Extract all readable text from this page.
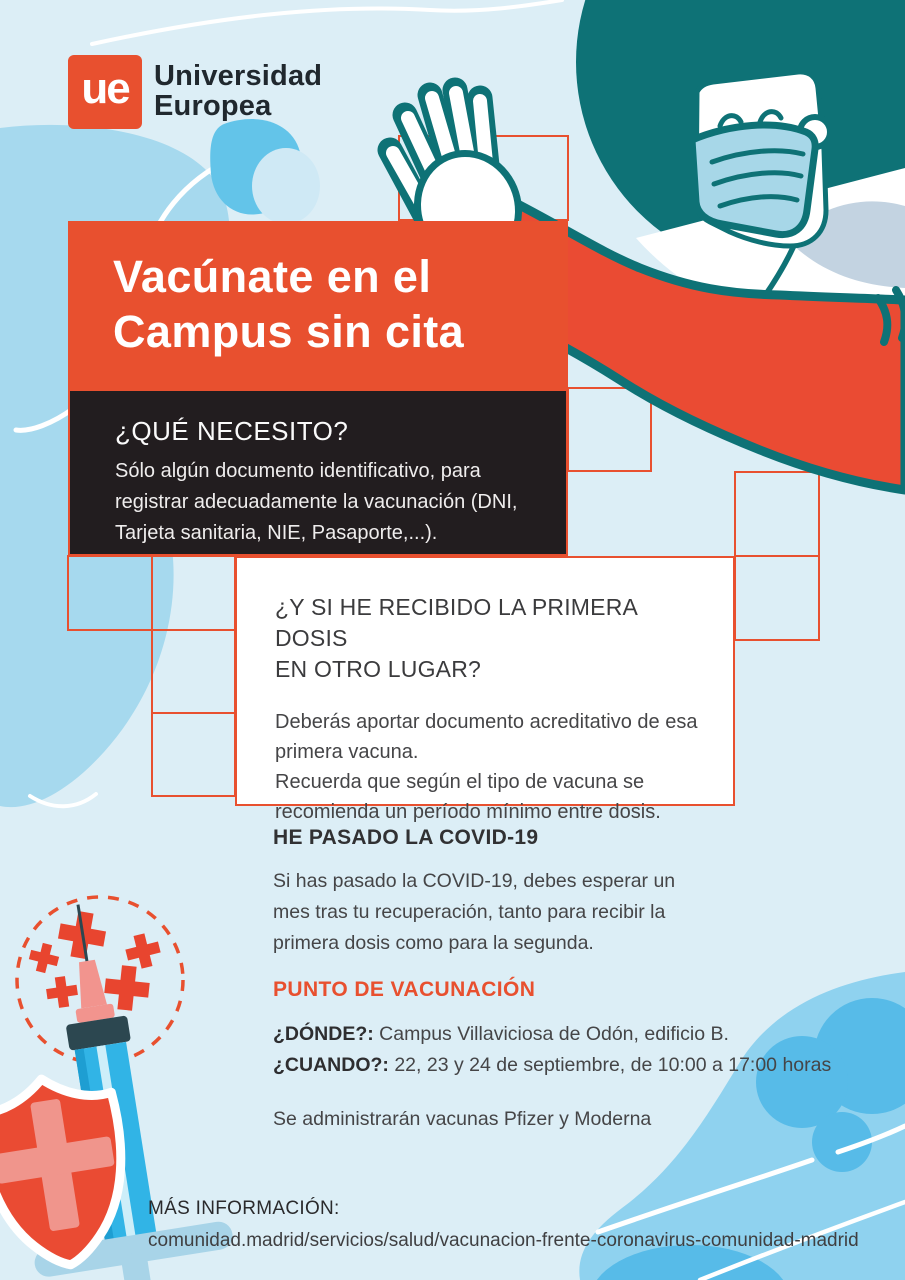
ue Universidad
Europea
Vacúnate en el
Campus sin cita
¿QUÉ NECESITO?

Sólo algún documento identificativo, para registrar adecuadamente la vacunación (DNI, Tarjeta sanitaria, NIE, Pasaporte,...).

¿Y SI HE RECIBIDO LA PRIMERA DOSIS
EN OTRO LUGAR?

Deberás aportar documento acreditativo de esa primera vacuna.

Recuerda que según el tipo de vacuna se recomienda un período mínimo entre dosis.

HE PASADO LA COVID-19

Si has pasado la COVID-19, debes esperar un mes tras tu recuperación, tanto para recibir la primera dosis como para la segunda.

PUNTO DE VACUNACIÓN
¿DÓNDE?: Campus Villaviciosa de Odón, edificio B.
¿CUANDO?: 22, 23 y 24 de septiembre, de 10:00 a 17:00 horas
Se administrarán vacunas Pfizer y Moderna
MÁS INFORMACIÓN:
comunidad.madrid/servicios/salud/vacunacion-frente-coronavirus-comunidad-madrid
